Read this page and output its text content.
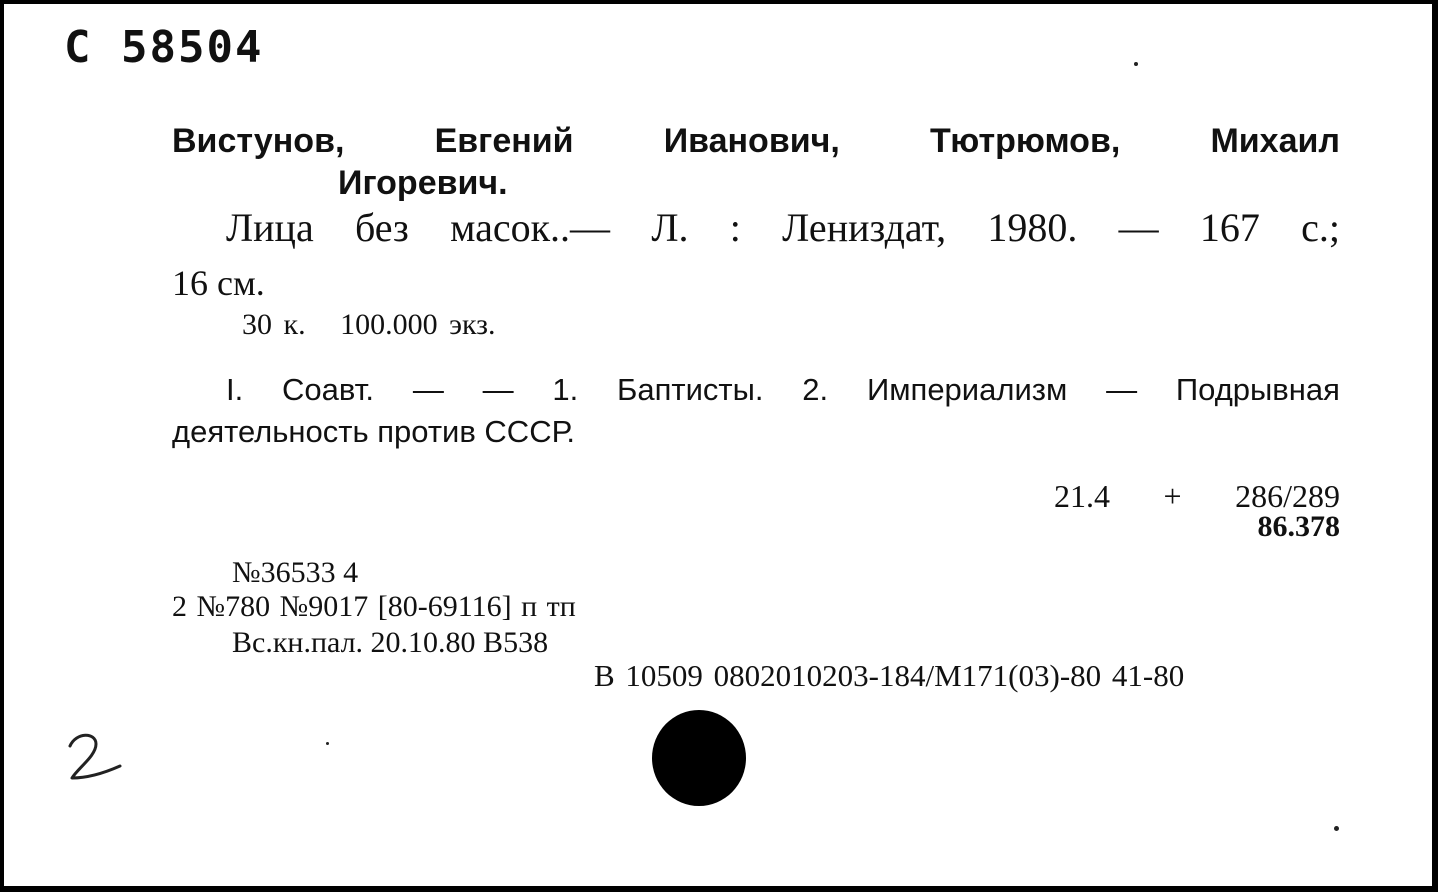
С 58504
Вистунов,	Евгений	Иванович,	Тютрюмов,	Михаил
Игоревич.
Лица без масок..— Л. : Лениздат, 1980. — 167 с.;
16 см.
30 к.   100.000 экз.
I. Соавт. — — 1. Баптисты. 2. Империализм — Подрывная
деятельность против СССР.
21.4 + 286/289
86.378
№36533 4
2 №780 №9017 [80-69116] п тп
Вс.кн.пал. 20.10.80 В538
В 10509 0802010203-184/М171(03)-80 41-80
